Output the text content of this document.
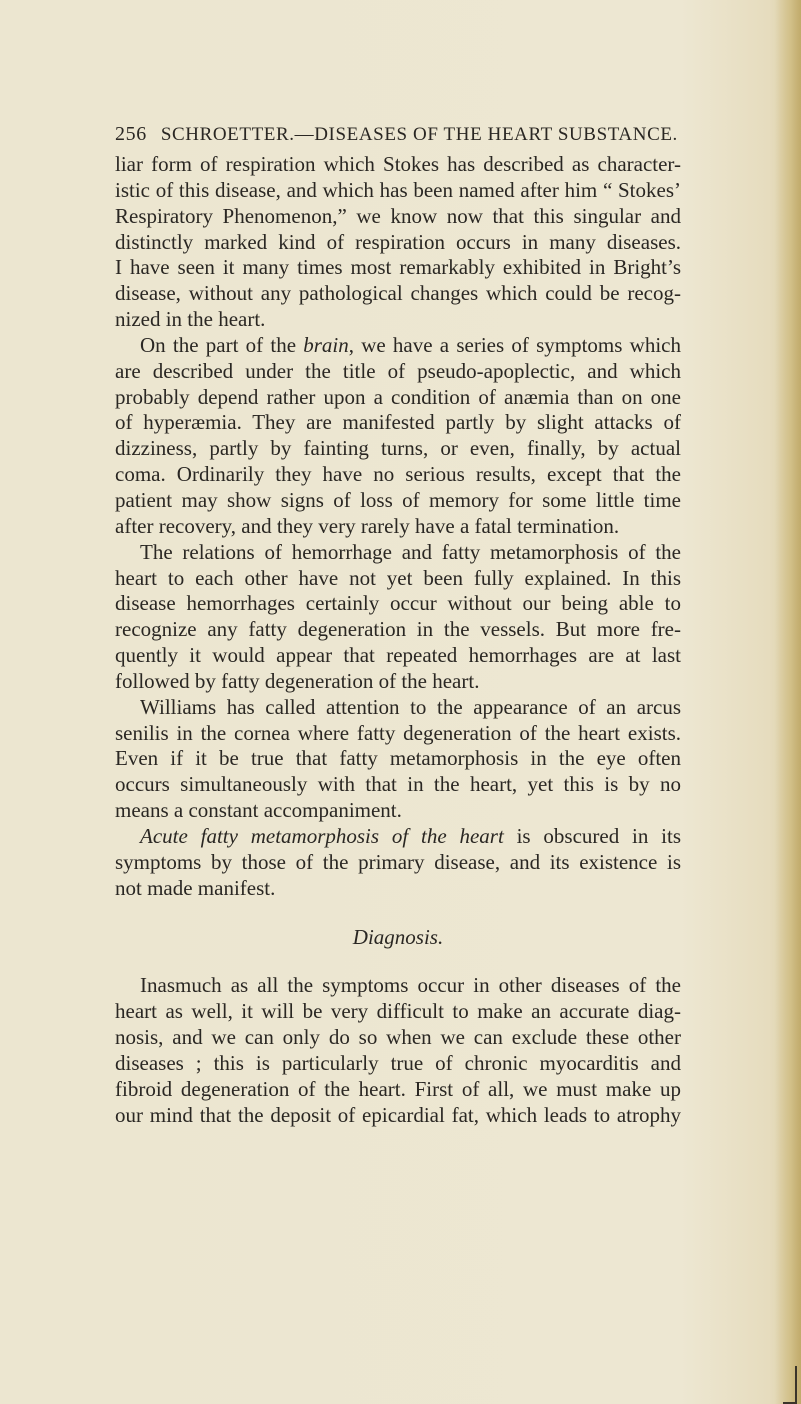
256 SCHROETTER.—DISEASES OF THE HEART SUBSTANCE.
liar form of respiration which Stokes has described as character-
istic of this disease, and which has been named after him “ Stokes’
Respiratory Phenomenon,” we know now that this singular and
distinctly marked kind of respiration occurs in many diseases.
I have seen it many times most remarkably exhibited in Bright’s
disease, without any pathological changes which could be recog-
nized in the heart.
On the part of the brain, we have a series of symptoms which
are described under the title of pseudo-apoplectic, and which
probably depend rather upon a condition of anæmia than on one
of hyperæmia. They are manifested partly by slight attacks of
dizziness, partly by fainting turns, or even, finally, by actual
coma. Ordinarily they have no serious results, except that the
patient may show signs of loss of memory for some little time
after recovery, and they very rarely have a fatal termination.
The relations of hemorrhage and fatty metamorphosis of the
heart to each other have not yet been fully explained. In this
disease hemorrhages certainly occur without our being able to
recognize any fatty degeneration in the vessels. But more fre-
quently it would appear that repeated hemorrhages are at last
followed by fatty degeneration of the heart.
Williams has called attention to the appearance of an arcus
senilis in the cornea where fatty degeneration of the heart exists.
Even if it be true that fatty metamorphosis in the eye often
occurs simultaneously with that in the heart, yet this is by no
means a constant accompaniment.
Acute fatty metamorphosis of the heart is obscured in its
symptoms by those of the primary disease, and its existence is
not made manifest.
Diagnosis.
Inasmuch as all the symptoms occur in other diseases of the
heart as well, it will be very difficult to make an accurate diag-
nosis, and we can only do so when we can exclude these other
diseases ; this is particularly true of chronic myocarditis and
fibroid degeneration of the heart. First of all, we must make up
our mind that the deposit of epicardial fat, which leads to atrophy
